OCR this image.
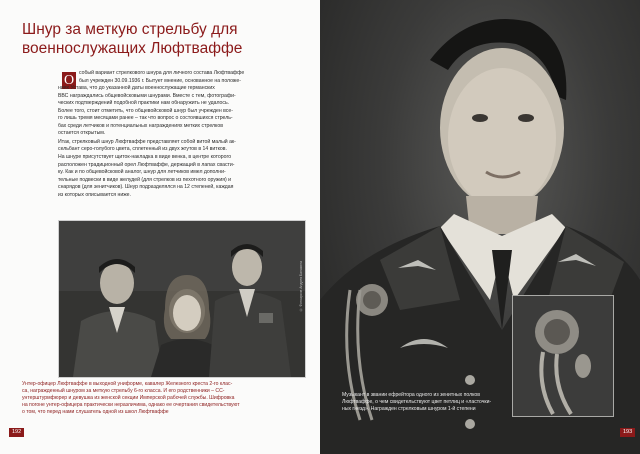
Шнур за меткую стрельбу для
военнослужащих Люфтваффе
О собый вариант стрелкового шнура для личного состава Люфтваффе
был учрежден 30.09.1936 г. Бытует мнение, основанное на положе-
ниях Устава, что до указанной даты военнослужащие германских
ВВС награждались общевойсковыми шнурами. Вместе с тем, фотографи-
ческих подтверждений подобной практики нам обнаружить не удалось.
Более того, стоит отметить, что общевойсковой шнур был учрежден все-
го лишь тремя месяцами ранее – так что вопрос о состоявшихся стрель-
бах среди летчиков и потенциальных награждениях меткиx стрелков
остается открытым.

Итак, стрелковый шнур Люфтваффе представляет собой витой малый ак-
сельбант серо-голубого цвета, сплетенный из двух жгутов в 14 витков.
На шнуре присутствует щиток-накладка в виде венка, в центре которого
расположен традиционный орел Люфтваффе, держащий в лапах свасти-
ку. Как и по общевойсковой аналог, шнур для летчиков имел дополни-
тельные подвески в виде желудей (для стрелков из пехотного оружия) и
снарядов (для зенитчиков). Шнур подразделялся на 12 степеней, каждая
из которых описывается ниже.

© Фотоархив Андрея Балакина
Унтер-офицер Люфтваффе в выходной униформе, кавалер Железного креста 2-го клас-
са, награжденный шнуром за меткую стрельбу 6-го класса. И его родственники – СС-
унтерштурмфюрер и девушка из женской секции Имперской рабочей службы. Шифровка
на погоне унтер-офицера практически неразличима, однако ее очертания свидетельствуют
о том, что перед нами слушатель одной из школ Люфтваффе
192
Музыкант в звании ефрейтора одного из зенитных полков
Люфтваффе, о чем свидетельствуют цвет петлиц и «ласточки-
ных гнезд». Награжден стрелковым шнуром 1-й степени
193
